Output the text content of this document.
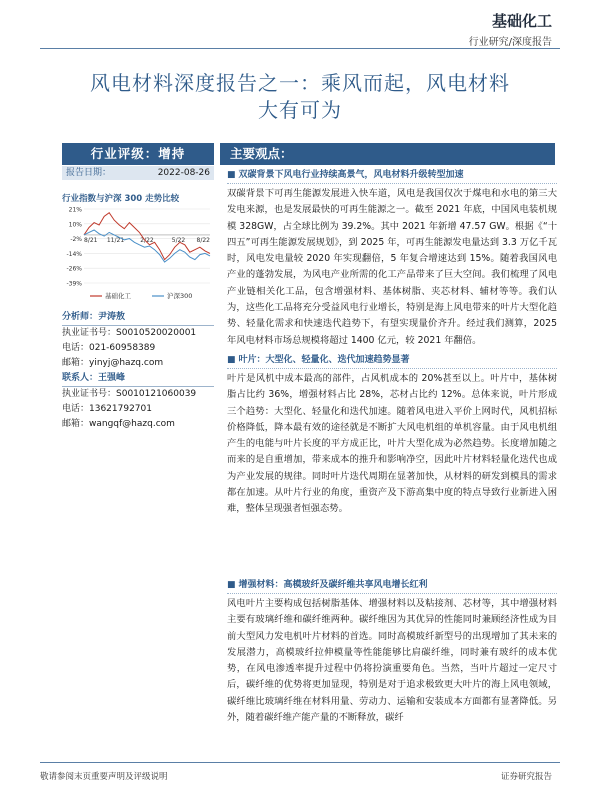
基础化工
行业研究/深度报告
风电材料深度报告之一：乘风而起，风电材料
大有可为
行业评级：增持
报告日期：	2022-08-26
行业指数与沪深 300 走势比较
21%
10%
-2%
-14%
-26%
-39%
8/21 11/21	2/22	5/22 8/22
基础化工	沪深300
分析师：尹涛敖
执业证书号：S0010520020001
电话：021-60958389
邮箱：yinyj@hazq.com
联系人：王强峰
执业证书号：S0010121060039
电话：13621792701
邮箱：wangqf@hazq.com
主要观点：
■ 双碳背景下风电行业持续高景气，风电材料升级转型加速
双碳背景下可再生能源发展进入快车道，风电是我国仅次于煤电和水电的第三大发电来源，也是发展最快的可再生能源之一。截至 2021 年底，中国风电装机规模 328GW，占全球比例为 39.2%。其中 2021 年新增 47.57 GW。根据《“十四五”可再生能源发展规划》，到 2025 年，可再生能源发电量达到 3.3 万亿千瓦时，风电发电量较 2020 年实现翻倍，5 年复合增速达到 15%。随着我国风电产业的蓬勃发展，为风电产业所需的化工产品带来了巨大空间。我们梳理了风电产业链相关化工品，包含增强材料、基体树脂、夹芯材料、辅材等等。我们认为，这些化工品将充分受益风电行业增长，特别是海上风电带来的叶片大型化趋势、轻量化需求和快速迭代趋势下，有望实现量价齐升。经过我们测算，2025 年风电材料市场总规模将超过 1400 亿元，较 2021 年翻倍。
■ 叶片：大型化、轻量化、迭代加速趋势显著
叶片是风机中成本最高的部件，占风机成本的 20%甚至以上。叶片中，基体树脂占比约 36%，增强材料占比 28%，芯材占比约 12%。总体来说，叶片形成三个趋势：大型化、轻量化和迭代加速。随着风电进入平价上网时代，风机招标价格降低，降本最有效的途径就是不断扩大风电机组的单机容量。由于风电机组产生的电能与叶片长度的平方成正比，叶片大型化成为必然趋势。长度增加随之而来的是自重增加，带来成本的推升和影响净空，因此叶片材料轻量化迭代也成为产业发展的规律。同时叶片迭代周期在显著加快，从材料的研发到模具的需求都在加速。从叶片行业的角度，重资产及下游高集中度的特点导致行业新进入困难，整体呈现强者恒强态势。
■ 增强材料：高模玻纤及碳纤维共享风电增长红利
风电叶片主要构成包括树脂基体、增强材料以及粘接剂、芯材等，其中增强材料主要有玻璃纤维和碳纤维两种。碳纤维因为其优异的性能同时兼顾经济性成为目前大型风力发电机叶片材料的首选。同时高模玻纤新型号的出现增加了其未来的发展潜力，高模玻纤拉伸模量等性能能够比肩碳纤维，同时兼有玻纤的成本优势，在风电渗透率提升过程中仍将扮演重要角色。当然，当叶片超过一定尺寸后，碳纤维的优势将更加显现，特别是对于追求极致更大叶片的海上风电领域，碳纤维比玻璃纤维在材料用量、劳动力、运输和安装成本方面都有显著降低。另外，随着碳纤维产能产量的不断释放，碳纤
敬请参阅末页重要声明及评级说明	证券研究报告
